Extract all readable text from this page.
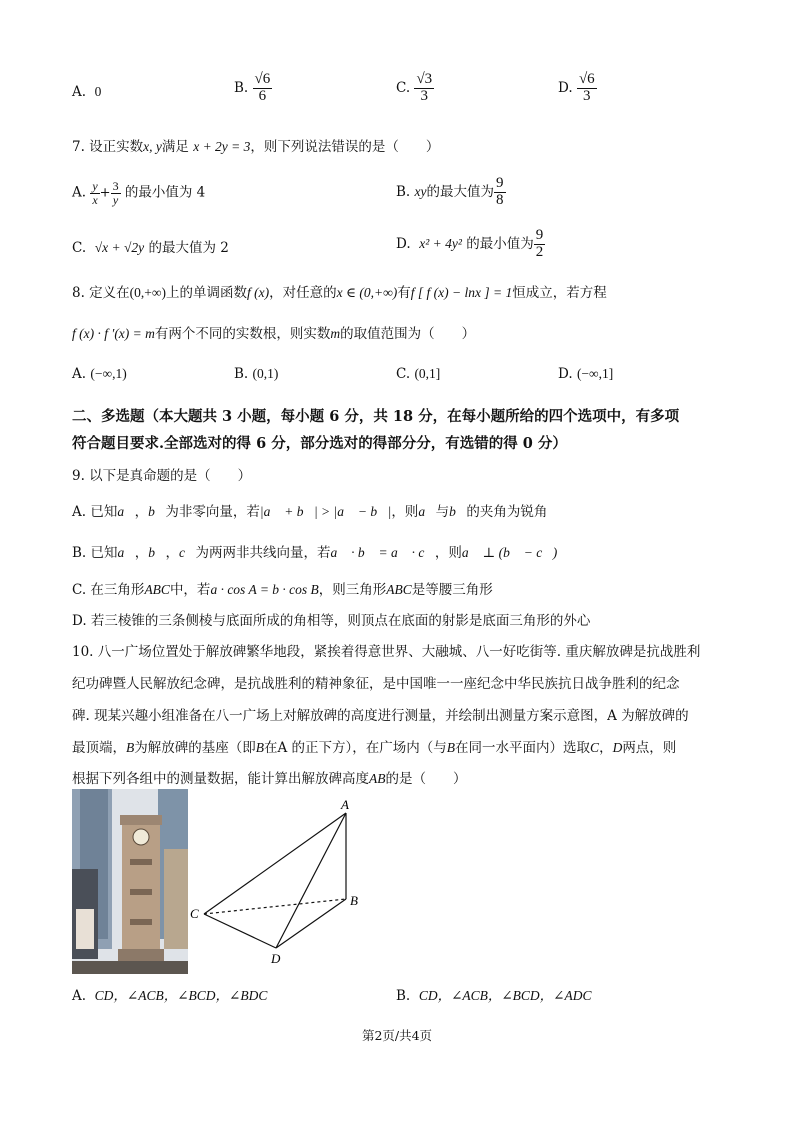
A. 0	B. $\frac{√6}{6}$	C. $\frac{√3}{3}$	D. $\frac{√6}{3}$
7. 设正实数x, y满足 x + 2y = 3，则下列说法错误的是（　　）
A. $\frac{y}{x} + \frac{3}{y}$ 的最小值为 4	B. xy的最大值为 $\frac{9}{8}$
C. √x + √2y 的最大值为 2	D. x² + 4y² 的最小值为 $\frac{9}{2}$
8. 定义在(0,+∞)上的单调函数f (x)，对任意的x ∈ (0,+∞)有f [ f (x) − lnx ] = 1恒成立，若方程
f (x) · f ′(x) = m有两个不同的实数根，则实数m的取值范围为（　　）
A. (−∞,1)	B. (0,1)	C. (0,1]	D. (−∞,1]
二、多选题（本大题共 3 小题，每小题 6 分，共 18 分，在每小题所给的四个选项中，有多项
符合题目要求.全部选对的得 6 分，部分选对的得部分分，有选错的得 0 分）
9. 以下是真命题的是（　　）
A. 已知a⃗，b⃗为非零向量，若|a⃗ + b⃗| > |a⃗ − b⃗|，则a⃗与b⃗的夹角为锐角
B. 已知a⃗，b⃗，c⃗为两两非共线向量，若a⃗ · b⃗ = a⃗ · c⃗，则a⃗ ⊥ (b⃗ − c⃗)
C. 在三角形ABC中，若a · cos A = b · cos B，则三角形ABC是等腰三角形
D. 若三棱锥的三条侧棱与底面所成的角相等，则顶点在底面的射影是底面三角形的外心
10. 八一广场位置处于解放碑繁华地段，紧挨着得意世界、大融城、八一好吃街等. 重庆解放碑是抗战胜利
纪功碑暨人民解放纪念碑，是抗战胜利的精神象征，是中国唯一一座纪念中华民族抗日战争胜利的纪念
碑. 现某兴趣小组准备在八一广场上对解放碑的高度进行测量，并绘制出测量方案示意图，A 为解放碑的
最顶端，B为解放碑的基座（即B在A 的正下方），在广场内（与B在同一水平面内）选取C，D两点，则
根据下列各组中的测量数据，能计算出解放碑高度AB的是（　　）
A
B
C
D
A. CD，∠ACB，∠BCD，∠BDC	B. CD，∠ACB，∠BCD，∠ADC
第2页/共4页
